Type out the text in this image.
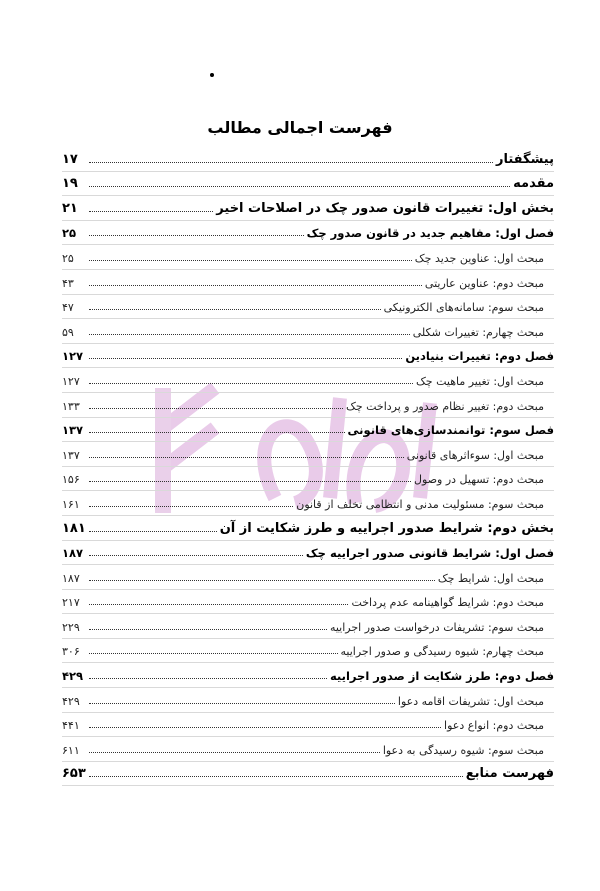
فهرست اجمالی مطالب
پیشگفتار
۱۷
مقدمه
۱۹
بخش اول: تغییرات قانون صدور چک در اصلاحات اخیر
۲۱
فصل اول: مفاهیم جدید در قانون صدور چک
۲۵
مبحث اول: عناوین جدید چک
۲۵
مبحث دوم: عناوین عاریتی
۴۳
مبحث سوم: سامانه‌های الکترونیکی
۴۷
مبحث چهارم: تغییرات شکلی
۵۹
فصل دوم: تغییرات بنیادین
۱۲۷
مبحث اول: تغییر ماهیت چک
۱۲۷
مبحث دوم: تغییر نظام صدور و پرداخت چک
۱۳۳
فصل سوم: توانمندسازی‌های قانونی
۱۳۷
مبحث اول: سوءاثرهای قانونی
۱۳۷
مبحث دوم: تسهیل در وصول
۱۵۶
مبحث سوم: مسئولیت مدنی و انتظامی تخلف از قانون
۱۶۱
بخش دوم: شرایط صدور اجراییه و طرز شکایت از آن
۱۸۱
فصل اول: شرایط قانونی صدور اجراییه چک
۱۸۷
مبحث اول: شرایط چک
۱۸۷
مبحث دوم: شرایط گواهینامه عدم پرداخت
۲۱۷
مبحث سوم: تشریفات درخواست صدور اجراییه
۲۲۹
مبحث چهارم: شیوه رسیدگی و صدور اجراییه
۳۰۶
فصل دوم: طرز شکایت از صدور اجراییه
۴۲۹
مبحث اول: تشریفات اقامه دعوا
۴۲۹
مبحث دوم: انواع دعوا
۴۴۱
مبحث سوم: شیوه رسیدگی به دعوا
۶۱۱
فهرست منابع
۶۵۳
